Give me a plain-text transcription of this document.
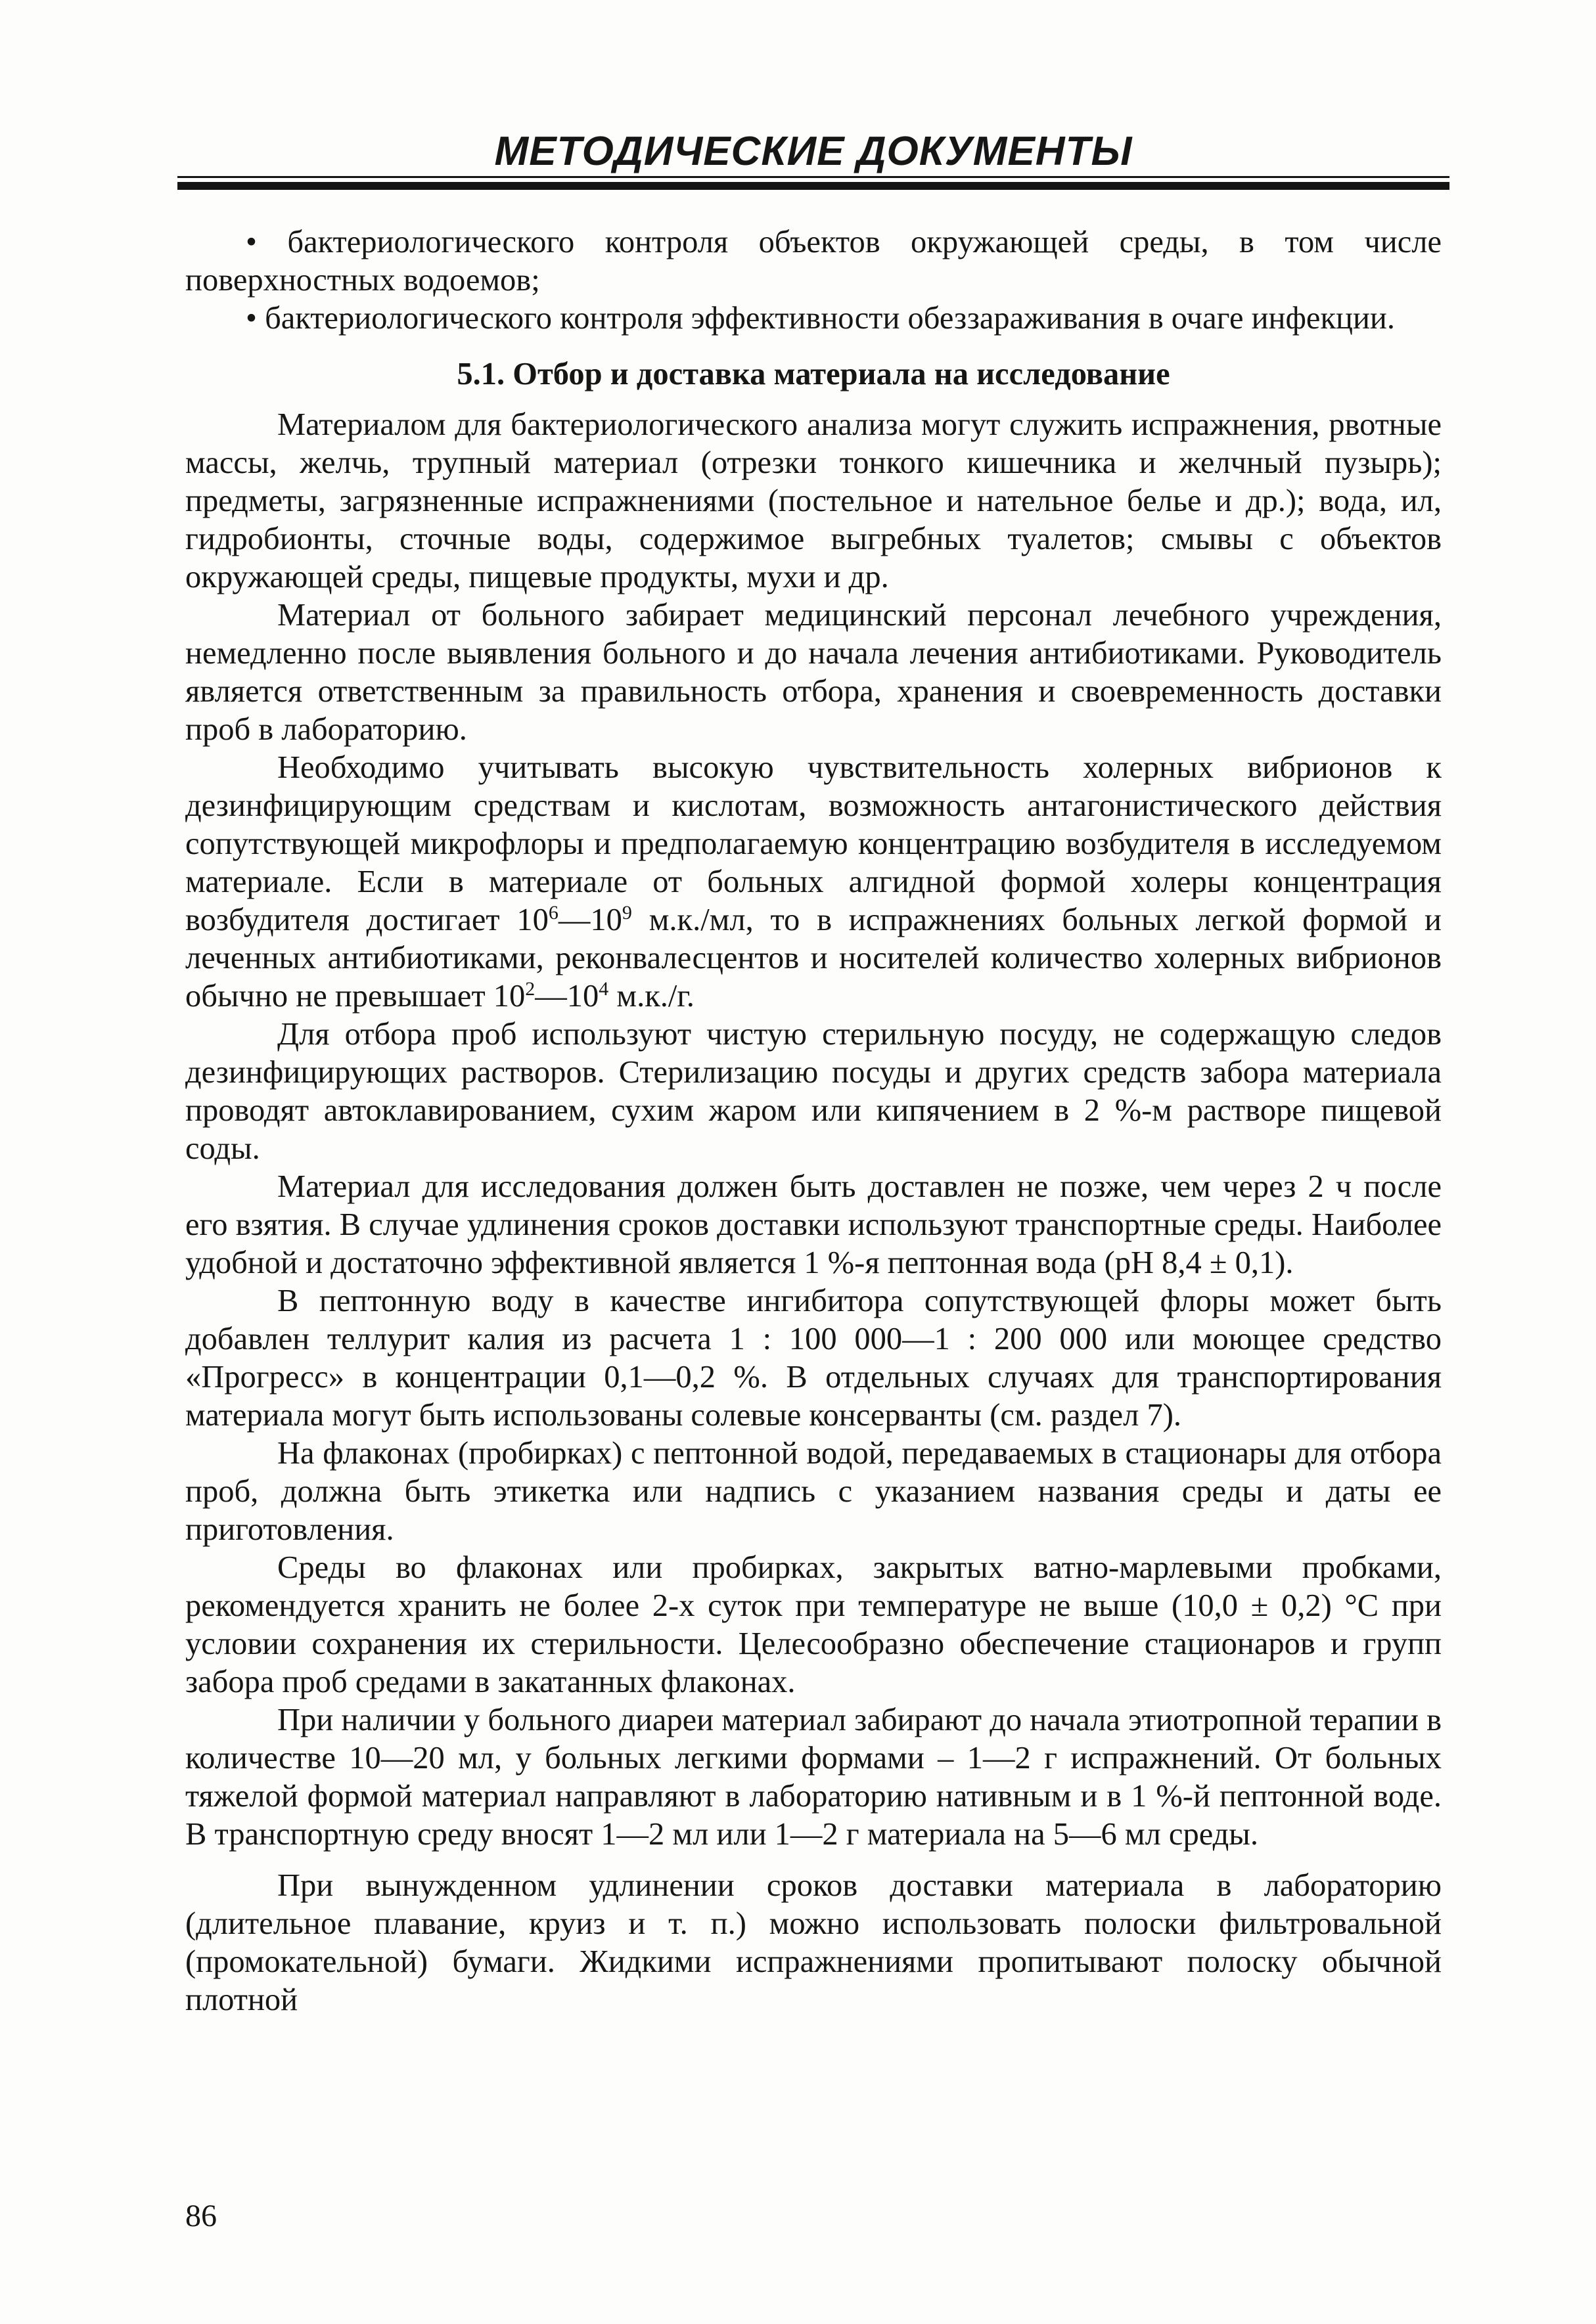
МЕТОДИЧЕСКИЕ ДОКУМЕНТЫ

• бактериологического контроля объектов окружающей среды, в том числе поверхностных водоемов;

• бактериологического контроля эффективности обеззараживания в очаге инфекции.

5.1. Отбор и доставка материала на исследование

Материалом для бактериологического анализа могут служить испражнения, рвотные массы, желчь, трупный материал (отрезки тонкого кишечника и желчный пузырь); предметы, загрязненные испражнениями (постельное и нательное белье и др.); вода, ил, гидробионты, сточные воды, содержимое выгребных туалетов; смывы с объектов окружающей среды, пищевые продукты, мухи и др.

Материал от больного забирает медицинский персонал лечебного учреждения, немедленно после выявления больного и до начала лечения антибиотиками. Руководитель является ответственным за правильность отбора, хранения и своевременность доставки проб в лабораторию.

Необходимо учитывать высокую чувствительность холерных вибрионов к дезинфицирующим средствам и кислотам, возможность антагонистического действия сопутствующей микрофлоры и предполагаемую концентрацию возбудителя в исследуемом материале. Если в материале от больных алгидной формой холеры концентрация возбудителя достигает $10^6—10^9$ м.к./мл, то в испражнениях больных легкой формой и леченных антибиотиками, реконвалесцентов и носителей количество холерных вибрионов обычно не превышает $10^2—10^4$ м.к./г.

Для отбора проб используют чистую стерильную посуду, не содержащую следов дезинфицирующих растворов. Стерилизацию посуды и других средств забора материала проводят автоклавированием, сухим жаром или кипячением в 2 %-м растворе пищевой соды.

Материал для исследования должен быть доставлен не позже, чем через 2 ч после его взятия. В случае удлинения сроков доставки используют транспортные среды. Наиболее удобной и достаточно эффективной является 1 %-я пептонная вода (рН 8,4 ± 0,1).

В пептонную воду в качестве ингибитора сопутствующей флоры может быть добавлен теллурит калия из расчета 1 : 100 000—1 : 200 000 или моющее средство «Прогресс» в концентрации 0,1—0,2 %. В отдельных случаях для транспортирования материала могут быть использованы солевые консерванты (см. раздел 7).

На флаконах (пробирках) с пептонной водой, передаваемых в стационары для отбора проб, должна быть этикетка или надпись с указанием названия среды и даты ее приготовления.

Среды во флаконах или пробирках, закрытых ватно-марлевыми пробками, рекомендуется хранить не более 2-х суток при температуре не выше (10,0 ± 0,2) °С при условии сохранения их стерильности. Целесообразно обеспечение стационаров и групп забора проб средами в закатанных флаконах.

При наличии у больного диареи материал забирают до начала этиотропной терапии в количестве 10—20 мл, у больных легкими формами – 1—2 г испражнений. От больных тяжелой формой материал направляют в лабораторию нативным и в 1 %-й пептонной воде. В транспортную среду вносят 1—2 мл или 1—2 г материала на 5—6 мл среды.

При вынужденном удлинении сроков доставки материала в лабораторию (длительное плавание, круиз и т. п.) можно использовать полоски фильтровальной (промокательной) бумаги. Жидкими испражнениями пропитывают полоску обычной плотной

86
